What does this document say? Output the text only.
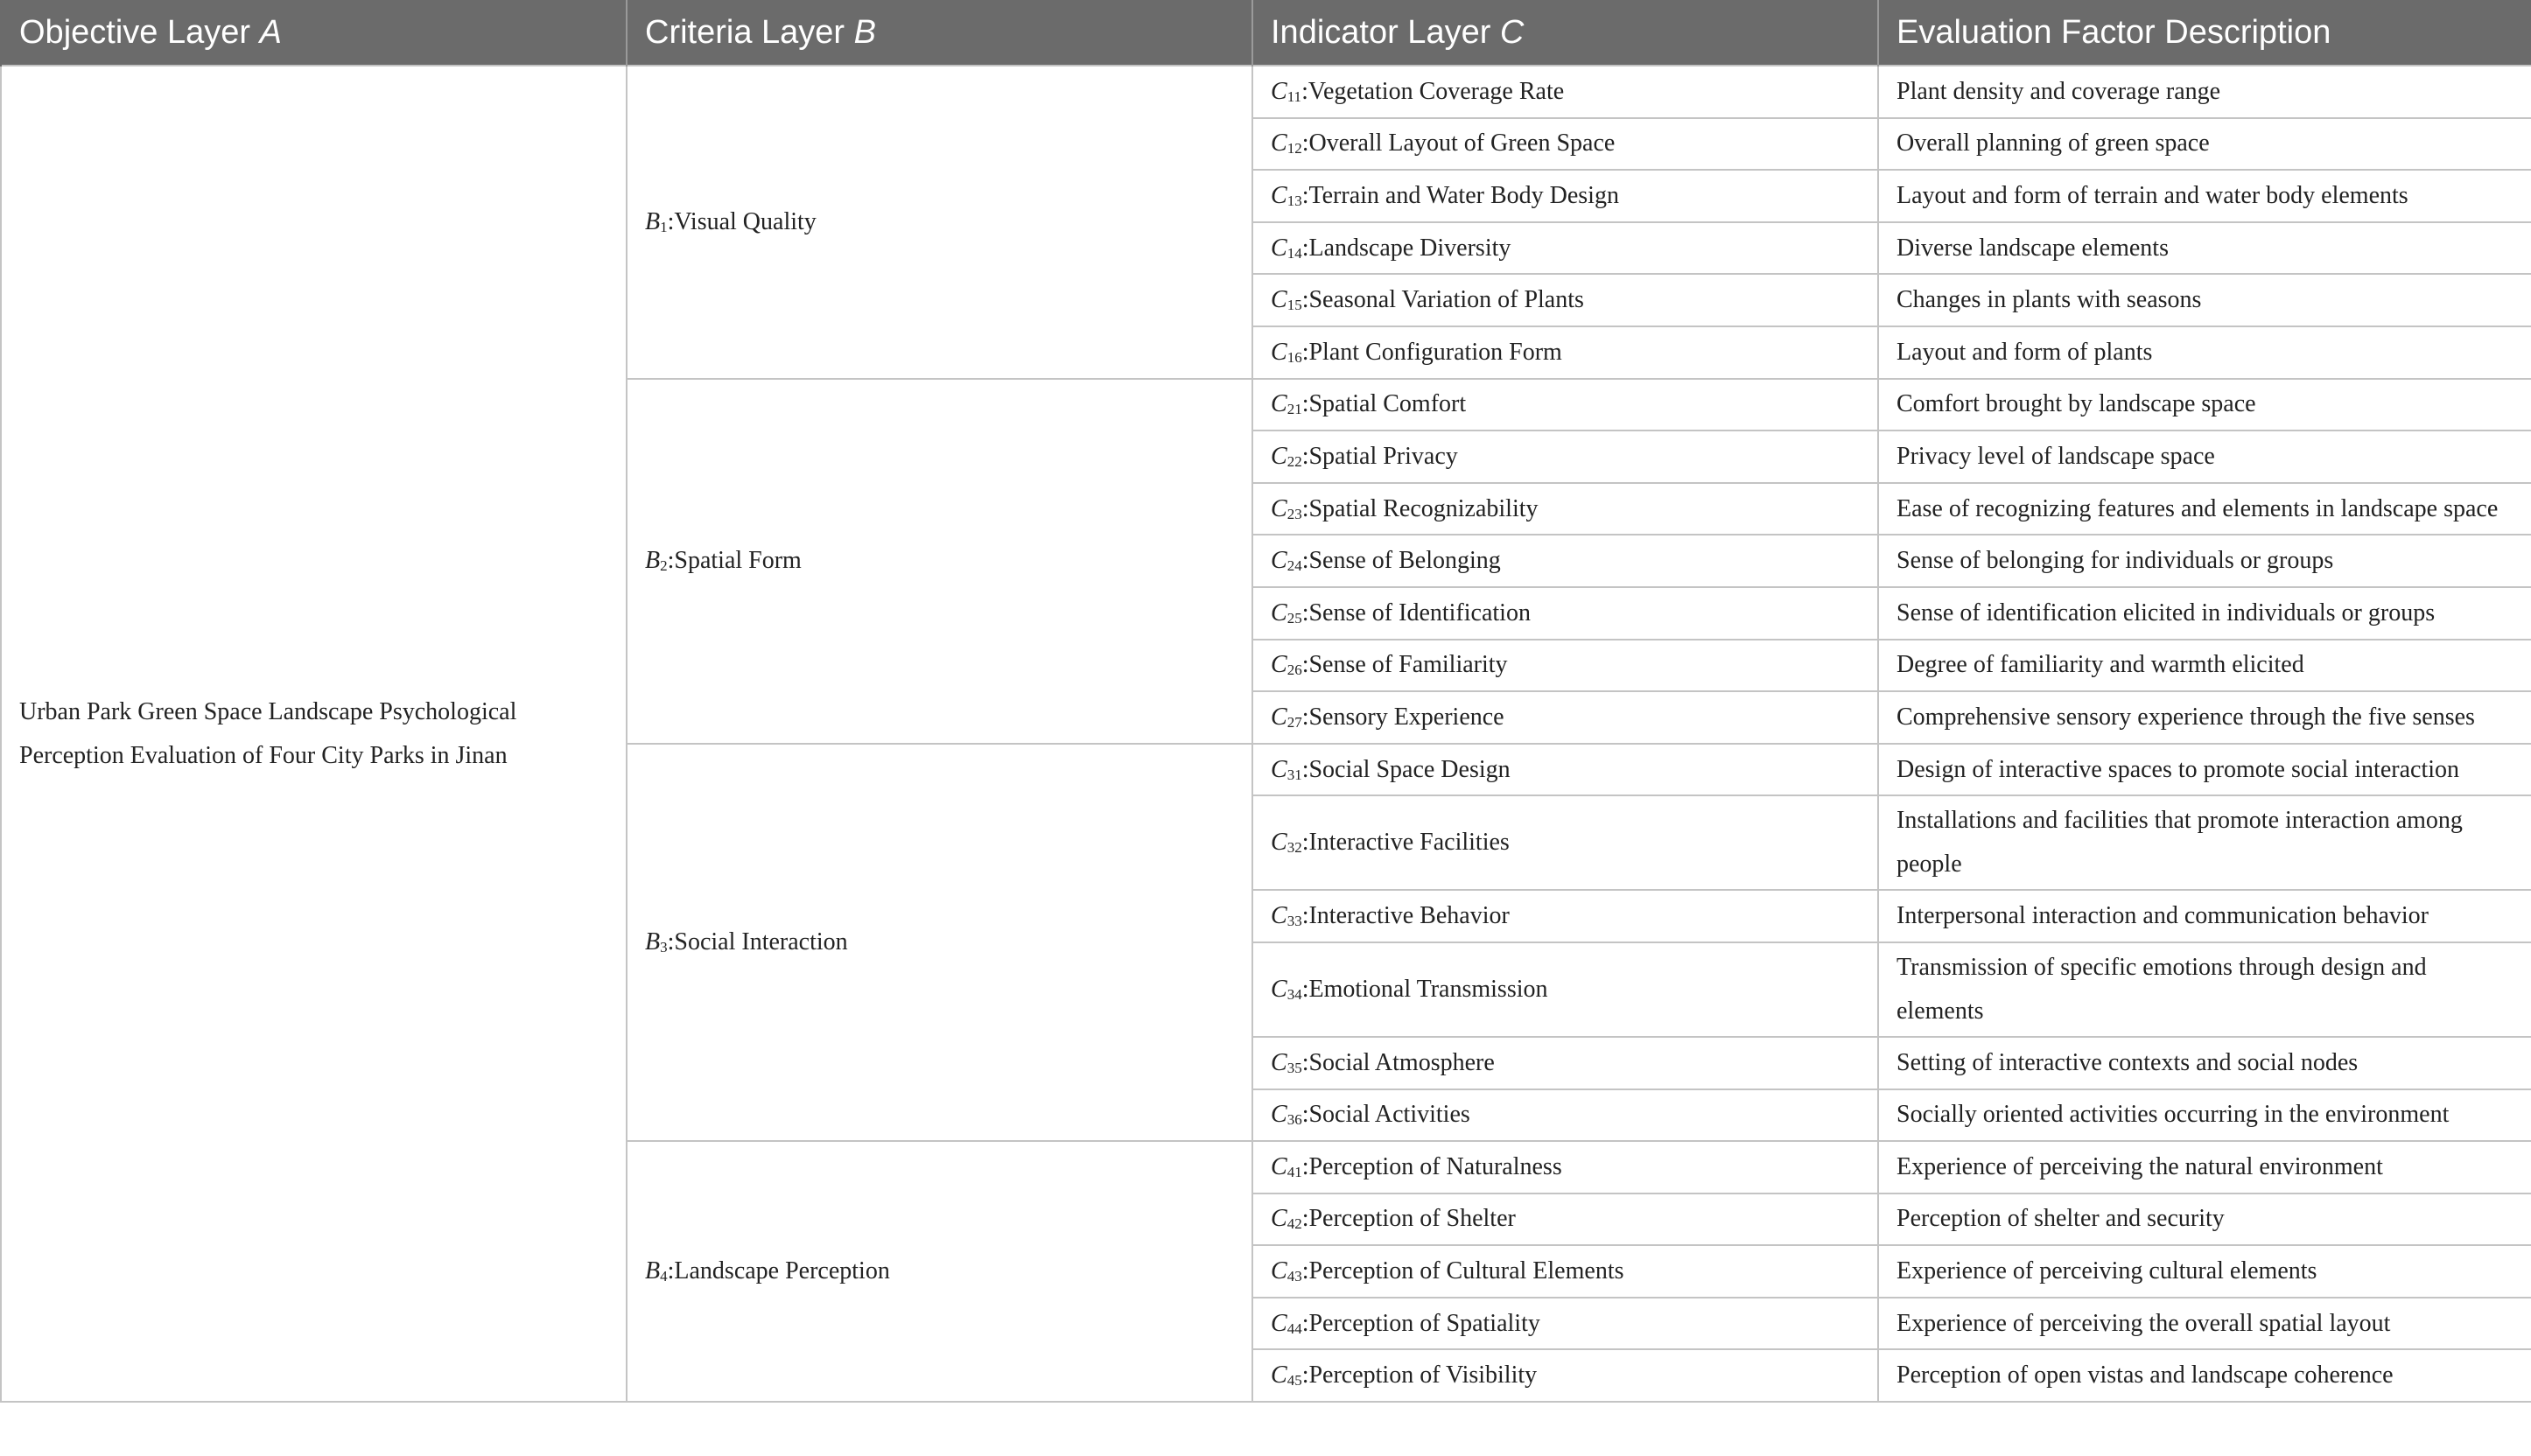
Objective Layer A	Criteria Layer B	Indicator Layer C	Evaluation Factor Description
Urban Park Green Space Landscape Psychological Perception Evaluation of Four City Parks in Jinan	$B_1:Visual$ Quality	$C_{11}:Vegetation$ Coverage Rate	Plant density and coverage range
		$C_{12}:Overall$ Layout of Green Space	Overall planning of green space
		$C_{13}:Terrain$ and Water Body Design	Layout and form of terrain and water body elements
		$C_{14}:Landscape$ Diversity	Diverse landscape elements
		$C_{15}:Seasonal$ Variation of Plants	Changes in plants with seasons
		$C_{16}:Plant$ Configuration Form	Layout and form of plants
	$B_2:Spatial$ Form	$C_{21}:Spatial$ Comfort	Comfort brought by landscape space
		$C_{22}:Spatial$ Privacy	Privacy level of landscape space
		$C_{23}:Spatial$ Recognizability	Ease of recognizing features and elements in landscape space
		$C_{24}:Sense$ of Belonging	Sense of belonging for individuals or groups
		$C_{25}:Sense$ of Identification	Sense of identification elicited in individuals or groups
		$C_{26}:Sense$ of Familiarity	Degree of familiarity and warmth elicited
		$C_{27}:Sensory$ Experience	Comprehensive sensory experience through the five senses
	$B_3:Social$ Interaction	$C_{31}:Social$ Space Design	Design of interactive spaces to promote social interaction
		$C_{32}:Interactive$ Facilities	Installations and facilities that promote interaction among people
		$C_{33}:Interactive$ Behavior	Interpersonal interaction and communication behavior
		$C_{34}:Emotional$ Transmission	Transmission of specific emotions through design and elements
		$C_{35}:Social$ Atmosphere	Setting of interactive contexts and social nodes
		$C_{36}:Social$ Activities	Socially oriented activities occurring in the environment
	$B_4:Landscape$ Perception	$C_{41}:Perception$ of Naturalness	Experience of perceiving the natural environment
		$C_{42}:Perception$ of Shelter	Perception of shelter and security
		$C_{43}:Perception$ of Cultural Elements	Experience of perceiving cultural elements
		$C_{44}:Perception$ of Spatiality	Experience of perceiving the overall spatial layout
		$C_{45}:Perception$ of Visibility	Perception of open vistas and landscape coherence
